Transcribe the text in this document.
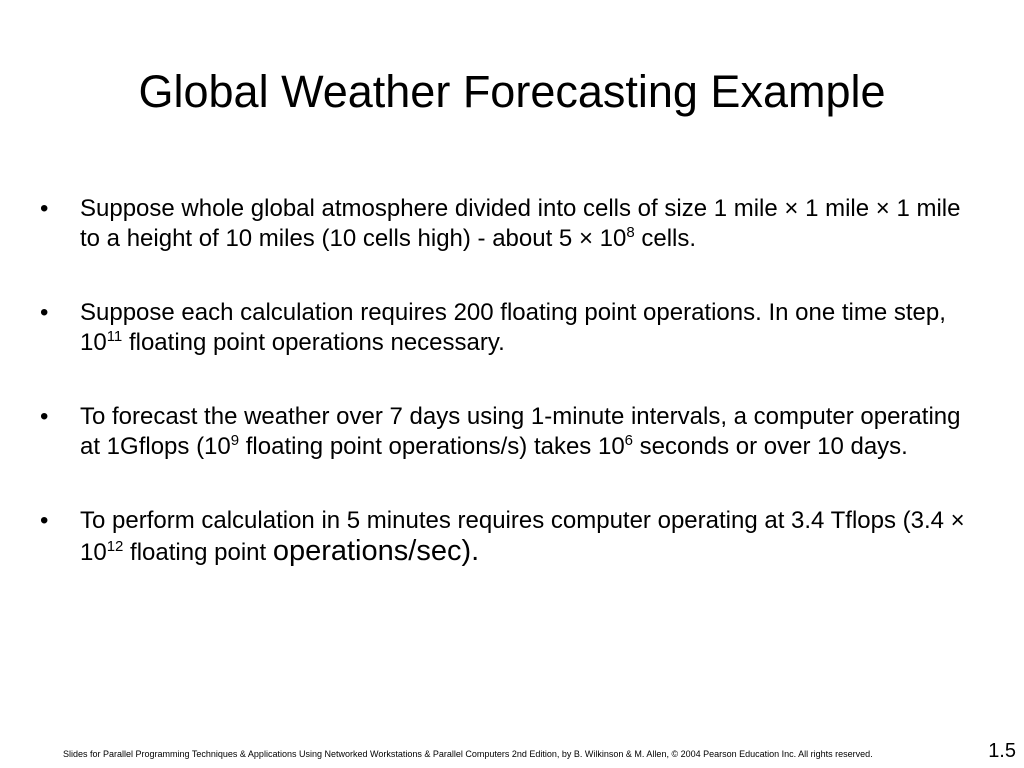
Global Weather Forecasting Example
• Suppose whole global atmosphere divided into cells of size 1 mile × 1 mile × 1 mile to a height of 10 miles (10 cells high) - about $5 \times 10^8$ cells.
• Suppose each calculation requires 200 floating point operations. In one time step, $10^{11}$ floating point operations necessary.
• To forecast the weather over 7 days using 1-minute intervals, a computer operating at 1Gflops ($10^9$ floating point operations/s) takes $10^6$ seconds or over 10 days.
• To perform calculation in 5 minutes requires computer operating at 3.4 Tflops ($3.4 \times 10^{12}$ floating point operations/sec).
Slides for Parallel Programming Techniques & Applications Using Networked Workstations & Parallel Computers 2nd Edition, by B. Wilkinson & M. Allen, © 2004 Pearson Education Inc. All rights reserved.	1.5
